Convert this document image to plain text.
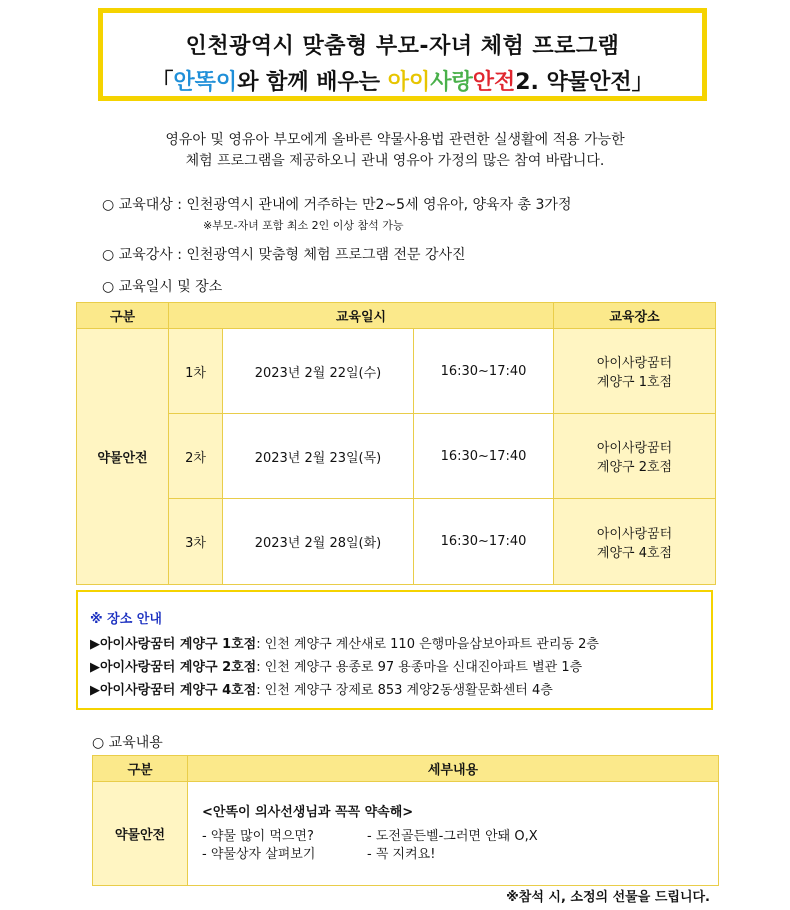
인천광역시 맞춤형 부모-자녀 체험 프로그램
「안똑이와 함께 배우는 아이사랑안전2. 약물안전」
영유아 및 영유아 부모에게 올바른 약물사용법 관련한 실생활에 적용 가능한
체험 프로그램을 제공하오니 관내 영유아 가정의 많은 참여 바랍니다.
○ 교육대상 : 인천광역시 관내에 거주하는 만2~5세 영유아, 양육자 총 3가정
※부모-자녀 포함 최소 2인 이상 참석 가능
○ 교육강사 : 인천광역시 맞춤형 체험 프로그램 전문 강사진
○ 교육일시 및 장소
구분	교육일시			교육장소
약물안전	1차	2023년 2월 22일(수)	16:30~17:40	아이사랑꿈터
계양구 1호점

	2차	2023년 2월 23일(목)	16:30~17:40	아이사랑꿈터
계양구 2호점

	3차	2023년 2월 28일(화)	16:30~17:40	아이사랑꿈터
계양구 4호점
※ 장소 안내
▶아이사랑꿈터 계양구 1호점: 인천 계양구 계산새로 110 은행마을삼보아파트 관리동 2층
▶아이사랑꿈터 계양구 2호점: 인천 계양구 용종로 97 용종마을 신대진아파트 별관 1층
▶아이사랑꿈터 계양구 4호점: 인천 계양구 장제로 853 계양2동생활문화센터 4층
○ 교육내용
구분	세부내용
약물안전	<안똑이 의사선생님과 꼭꼭 약속해>
- 약물 많이 먹으면? - 도전골든벨-그러면 안돼 O,X
- 약물상자 살펴보기 - 꼭 지켜요!
※참석 시, 소정의 선물을 드립니다.
